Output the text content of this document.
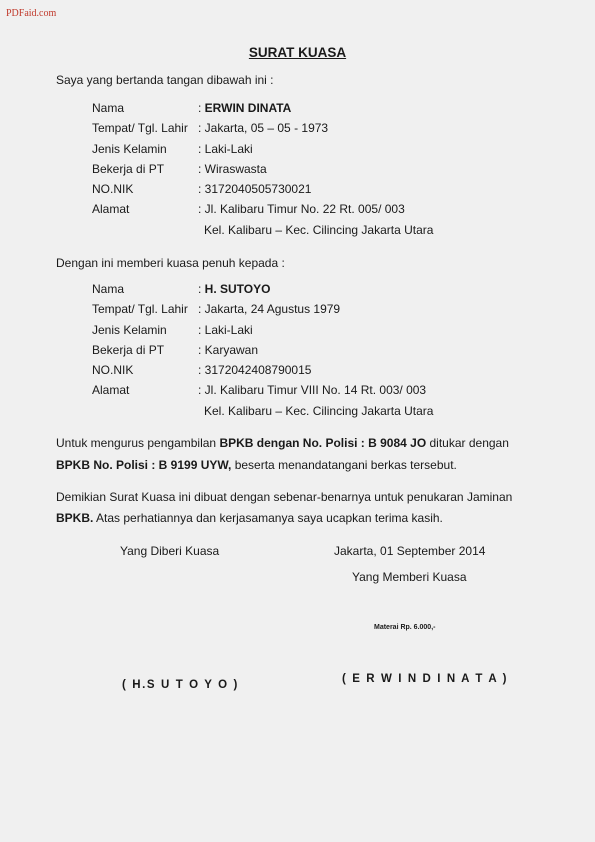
PDFaid.com
SURAT KUASA
Saya yang bertanda tangan dibawah ini :
Nama	: ERWIN DINATA
Tempat/ Tgl. Lahir : Jakarta, 05 – 05 - 1973
Jenis Kelamin	: Laki-Laki
Bekerja di PT	: Wiraswasta
NO.NIK	: 3172040505730021
Alamat	: Jl. Kalibaru Timur No. 22 Rt. 005/ 003
Kel. Kalibaru – Kec. Cilincing Jakarta Utara
Dengan ini memberi kuasa penuh kepada :
Nama	: H. SUTOYO
Tempat/ Tgl. Lahir : Jakarta, 24 Agustus 1979
Jenis Kelamin	: Laki-Laki
Bekerja di PT	: Karyawan
NO.NIK	: 3172042408790015
Alamat	: Jl. Kalibaru Timur VIII No. 14 Rt. 003/ 003
Kel. Kalibaru – Kec. Cilincing Jakarta Utara
Untuk mengurus pengambilan BPKB dengan No. Polisi : B 9084 JO ditukar dengan
BPKB No. Polisi : B 9199 UYW, beserta menandatangani berkas tersebut.
Demikian Surat Kuasa ini dibuat dengan sebenar-benarnya untuk penukaran Jaminan
BPKB. Atas perhatiannya dan kerjasamanya saya ucapkan terima kasih.
Yang Diberi Kuasa	Jakarta, 01 September 2014
Yang Memberi Kuasa
Materai Rp. 6.000,-
( H.S U T O Y O )	( E R W I N D I N A T A )
